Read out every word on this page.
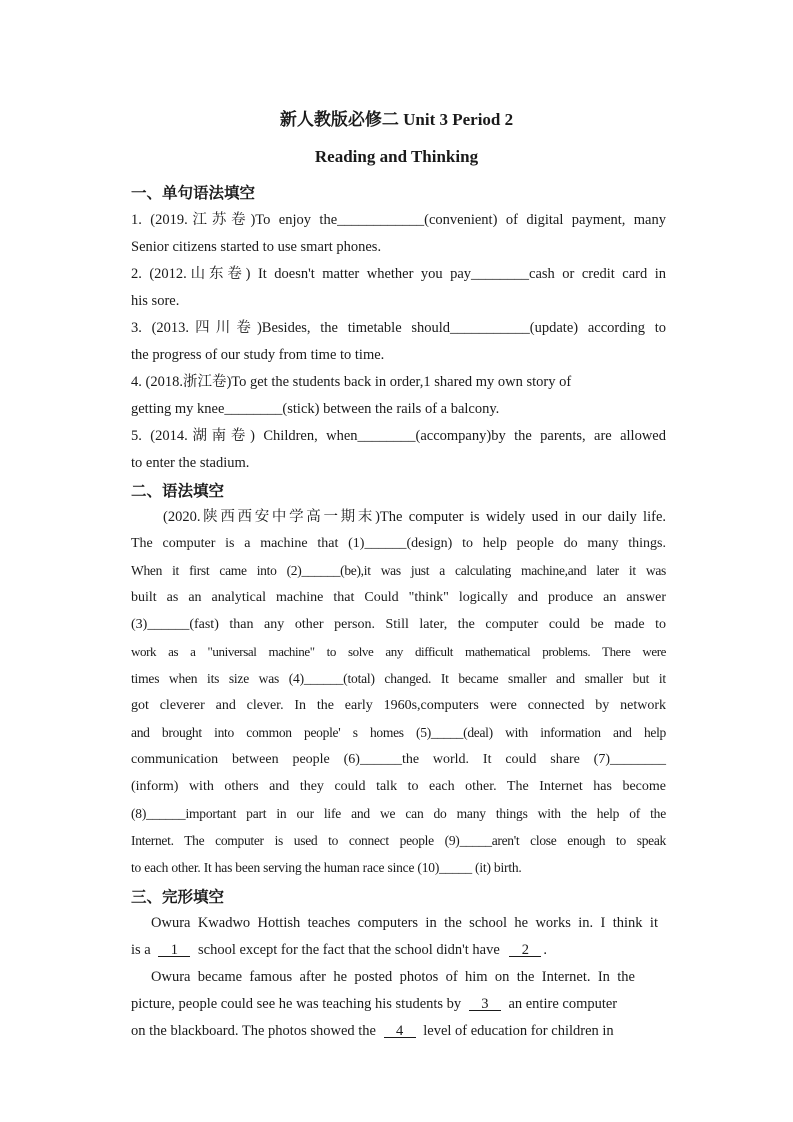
新人教版必修二 Unit 3 Period 2
Reading and Thinking
一、单句语法填空
1. (2019.江苏卷)To enjoy the____________(convenient) of digital payment, many
Senior citizens started to use smart phones.
2. (2012.山东卷) It doesn't matter whether you pay________cash or credit card in
his sore.
3. (2013.四川卷)Besides, the timetable should___________(update) according to
the progress of our study from time to time.
4. (2018.浙江卷)To get the students back in order,1 shared my own story of
getting my knee________(stick) between the rails of a balcony.
5. (2014.湖南卷) Children, when________(accompany)by the parents, are allowed
to enter the stadium.
二、语法填空
(2020.陕西西安中学高一期末)The computer is widely used in our daily life.
The computer is a machine that (1)______(design) to help people do many things.
When it first came into (2)______(be),it was just a calculating machine,and later it was
built as an analytical machine that Could "think" logically and produce an answer
(3)______(fast) than any other person. Still later, the computer could be made to
work as a "universal machine" to solve any difficult mathematical problems. There were
times when its size was (4)______(total) changed. It became smaller and smaller but it
got cleverer and clever. In the early 1960s,computers were connected by network
and brought into common people' s homes (5)_____(deal) with information and help
communication between people (6)______the world. It could share (7)________
(inform) with others and they could talk to each other. The Internet has become
(8)______important part in our life and we can do many things with the help of the
Internet. The computer is used to connect people (9)_____aren't close enough to speak
to each other. It has been serving the human race since (10)_____ (it) birth.
三、完形填空
Owura Kwadwo Hottish teaches computers in the school he works in. I think it
is a 1 school except for the fact that the school didn't have 2 .
Owura became famous after he posted photos of him on the Internet. In the
picture, people could see he was teaching his students by 3 an entire computer
on the blackboard. The photos showed the 4 level of education for children in
